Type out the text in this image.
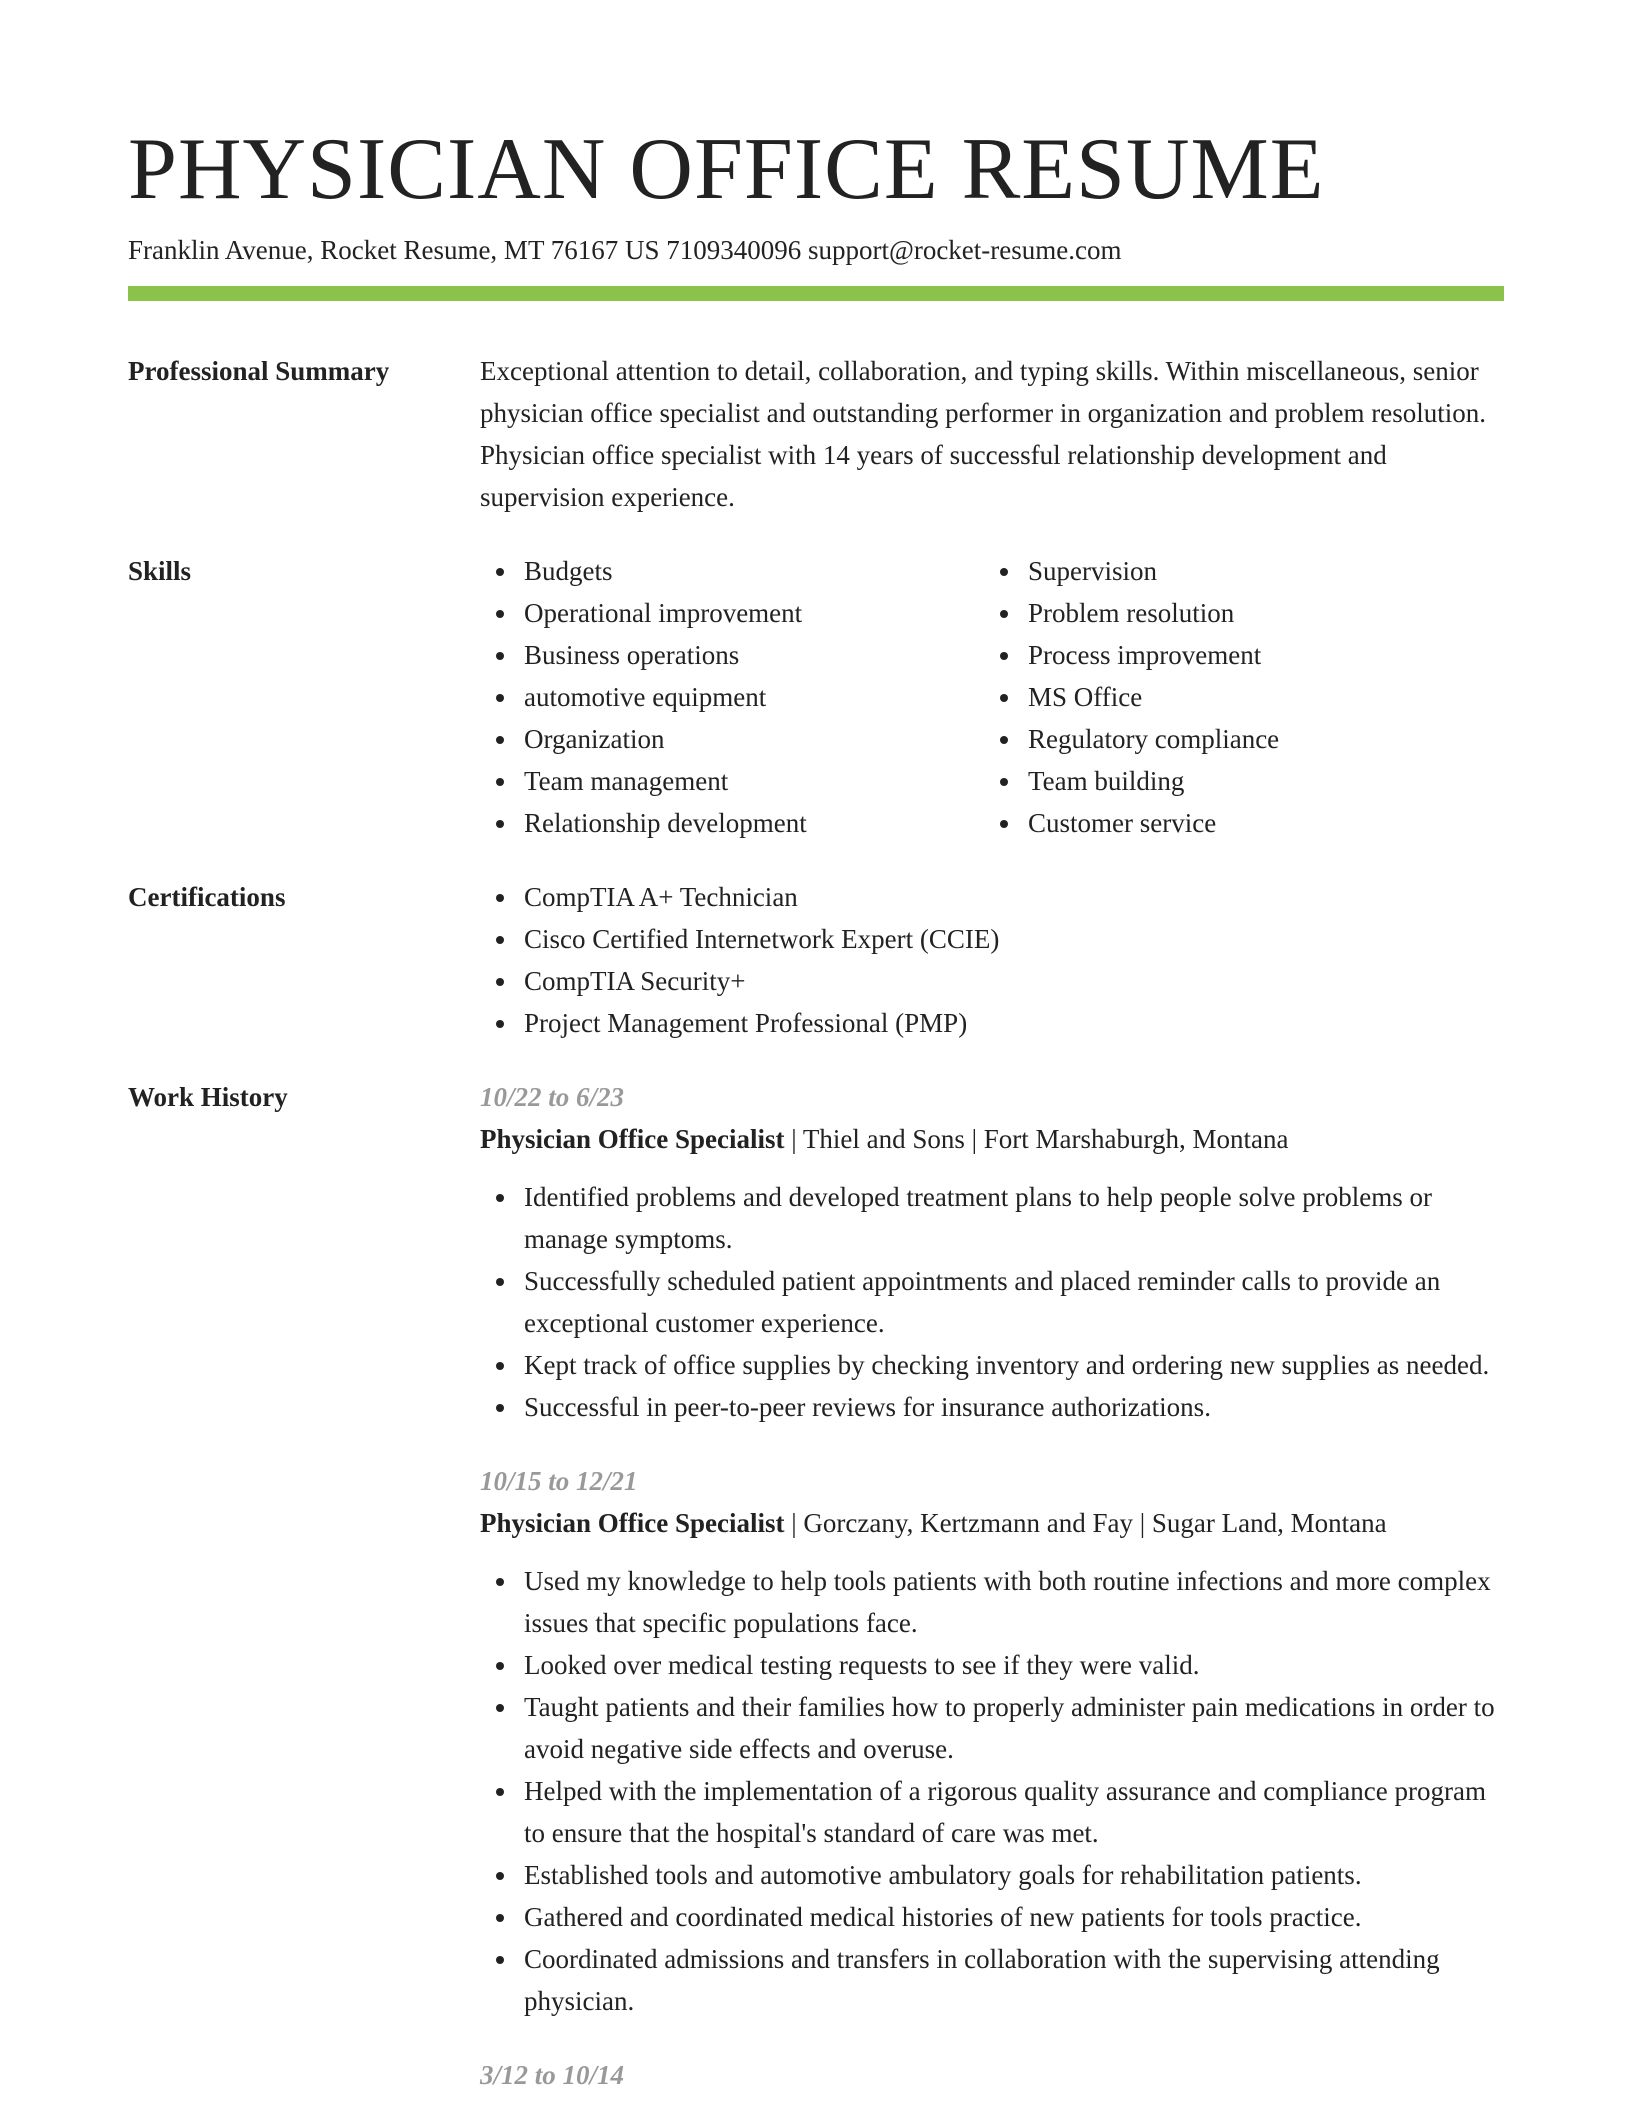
PHYSICIAN OFFICE RESUME
Franklin Avenue, Rocket Resume, MT 76167 US 7109340096 support@rocket-resume.com
Professional Summary	Exceptional attention to detail, collaboration, and typing skills. Within miscellaneous, senior physician office specialist and outstanding performer in organization and problem resolution. Physician office specialist with 14 years of successful relationship development and supervision experience.

Skills	Budgets
Operational improvement
Business operations
automotive equipment
Organization
Team management
Relationship development
Supervision
Problem resolution
Process improvement
MS Office
Regulatory compliance
Team building
Customer service
Certifications	CompTIA A+ Technician
Cisco Certified Internetwork Expert (CCIE)
CompTIA Security+
Project Management Professional (PMP)
Work History	10/22 to 6/23
Physician Office Specialist | Thiel and Sons | Fort Marshaburgh, Montana
Identified problems and developed treatment plans to help people solve problems or manage symptoms.
Successfully scheduled patient appointments and placed reminder calls to provide an exceptional customer experience.
Kept track of office supplies by checking inventory and ordering new supplies as needed.
Successful in peer-to-peer reviews for insurance authorizations.
10/15 to 12/21
Physician Office Specialist | Gorczany, Kertzmann and Fay | Sugar Land, Montana
Used my knowledge to help tools patients with both routine infections and more complex issues that specific populations face.
Looked over medical testing requests to see if they were valid.
Taught patients and their families how to properly administer pain medications in order to avoid negative side effects and overuse.
Helped with the implementation of a rigorous quality assurance and compliance program to ensure that the hospital's standard of care was met.
Established tools and automotive ambulatory goals for rehabilitation patients.
Gathered and coordinated medical histories of new patients for tools practice.
Coordinated admissions and transfers in collaboration with the supervising attending physician.
3/12 to 10/14
